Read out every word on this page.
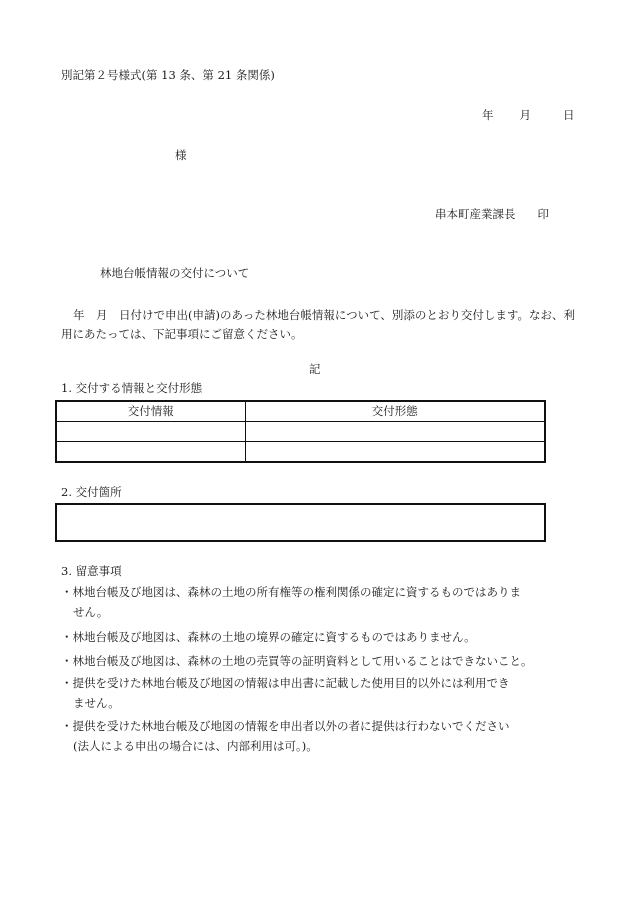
別記第２号様式(第 13 条、第 21 条関係)
年 月	日
様
串本町産業課長 印
林地台帳情報の交付について
年　月　日付けで申出(申請)のあった林地台帳情報について、別添のとおり交付します。なお、利用にあたっては、下記事項にご留意ください。
記
1. 交付する情報と交付形態
交付情報	交付形態

2. 交付箇所
3. 留意事項
・林地台帳及び地図は、森林の土地の所有権等の権利関係の確定に資するものではありま
せん。
・林地台帳及び地図は、森林の土地の境界の確定に資するものではありません。
・林地台帳及び地図は、森林の土地の売買等の証明資料として用いることはできないこと。
・提供を受けた林地台帳及び地図の情報は申出書に記載した使用目的以外には利用でき
ません。
・提供を受けた林地台帳及び地図の情報を申出者以外の者に提供は行わないでください
(法人による申出の場合には、内部利用は可。)。
